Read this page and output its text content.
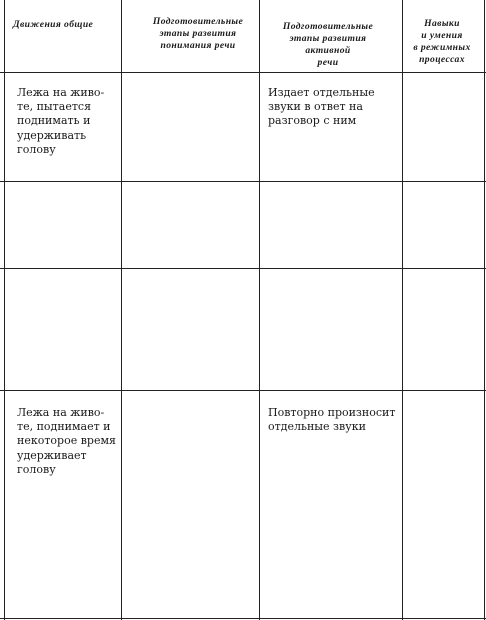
Движения общие	Подготовительные
этапы развития
понимания речи
Подготовительные
этапы развития
активной
речи
Навыки
и умения
в режимных
процессах
Лежа на живо-
те, пытается
поднимать и
удерживать
голову
Издает отдельные
звуки в ответ на
разговор с ним
Лежа на живо-
те, поднимает и
некоторое время
удерживает
голову
Повторно произносит
отдельные звуки
